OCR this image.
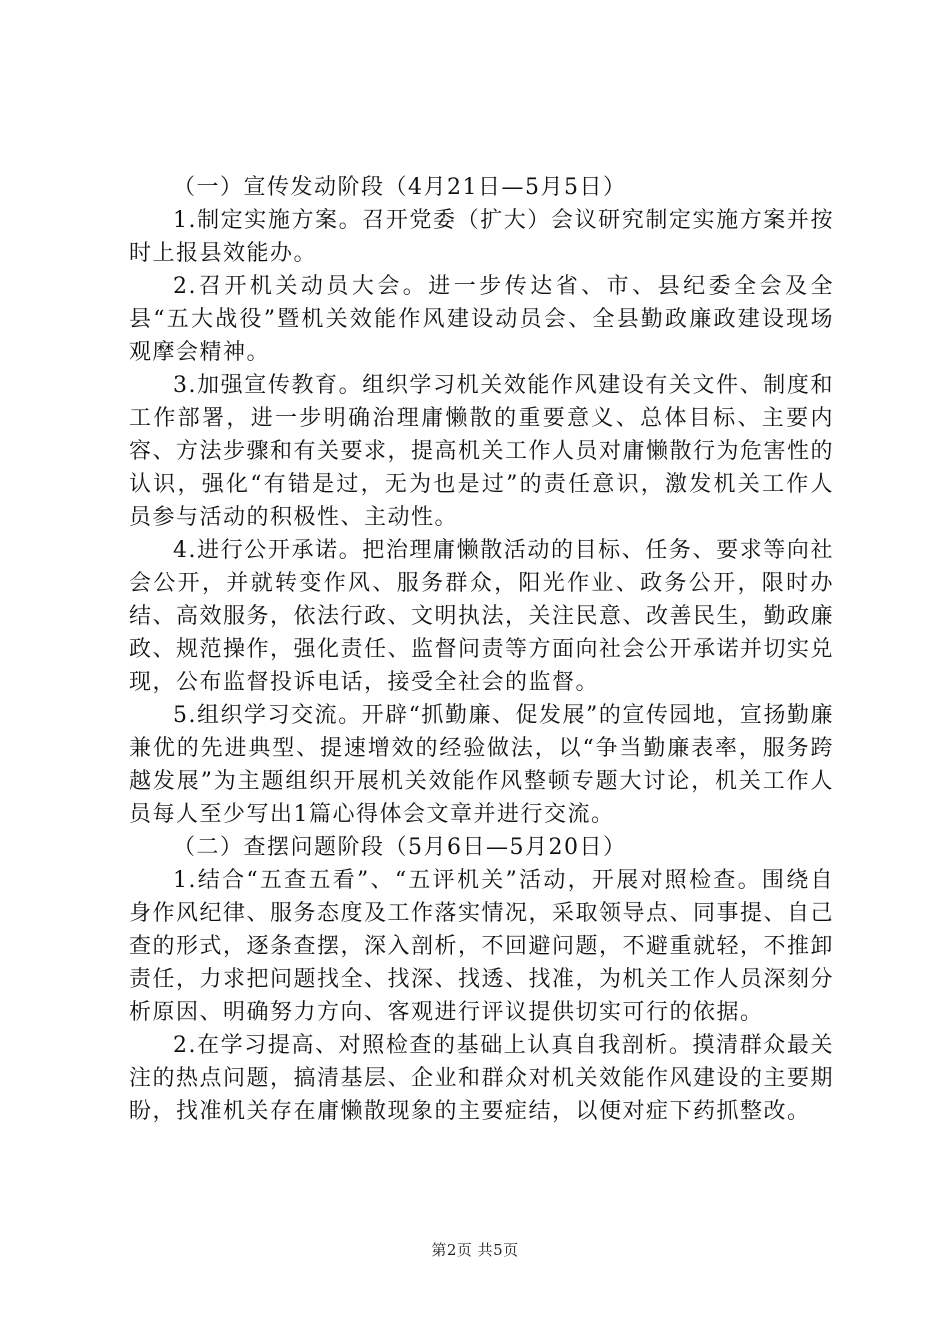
（一）宣传发动阶段（4月21日—5月5日）

1.制定实施方案。召开党委（扩大）会议研究制定实施方案并按时上报县效能办。

2.召开机关动员大会。进一步传达省、市、县纪委全会及全县“五大战役”暨机关效能作风建设动员会、全县勤政廉政建设现场观摩会精神。

3.加强宣传教育。组织学习机关效能作风建设有关文件、制度和工作部署，进一步明确治理庸懒散的重要意义、总体目标、主要内容、方法步骤和有关要求，提高机关工作人员对庸懒散行为危害性的认识，强化“有错是过，无为也是过”的责任意识，激发机关工作人员参与活动的积极性、主动性。

4.进行公开承诺。把治理庸懒散活动的目标、任务、要求等向社会公开，并就转变作风、服务群众，阳光作业、政务公开，限时办结、高效服务，依法行政、文明执法，关注民意、改善民生，勤政廉政、规范操作，强化责任、监督问责等方面向社会公开承诺并切实兑现，公布监督投诉电话，接受全社会的监督。

5.组织学习交流。开辟“抓勤廉、促发展”的宣传园地，宣扬勤廉兼优的先进典型、提速增效的经验做法，以“争当勤廉表率，服务跨越发展”为主题组织开展机关效能作风整顿专题大讨论，机关工作人员每人至少写出1篇心得体会文章并进行交流。

（二）查摆问题阶段（5月6日—5月20日）

1.结合“五查五看”、“五评机关”活动，开展对照检查。围绕自身作风纪律、服务态度及工作落实情况，采取领导点、同事提、自己查的形式，逐条查摆，深入剖析，不回避问题，不避重就轻，不推卸责任，力求把问题找全、找深、找透、找准，为机关工作人员深刻分析原因、明确努力方向、客观进行评议提供切实可行的依据。

2.在学习提高、对照检查的基础上认真自我剖析。摸清群众最关注的热点问题，搞清基层、企业和群众对机关效能作风建设的主要期盼，找准机关存在庸懒散现象的主要症结，以便对症下药抓整改。

第2页 共5页
